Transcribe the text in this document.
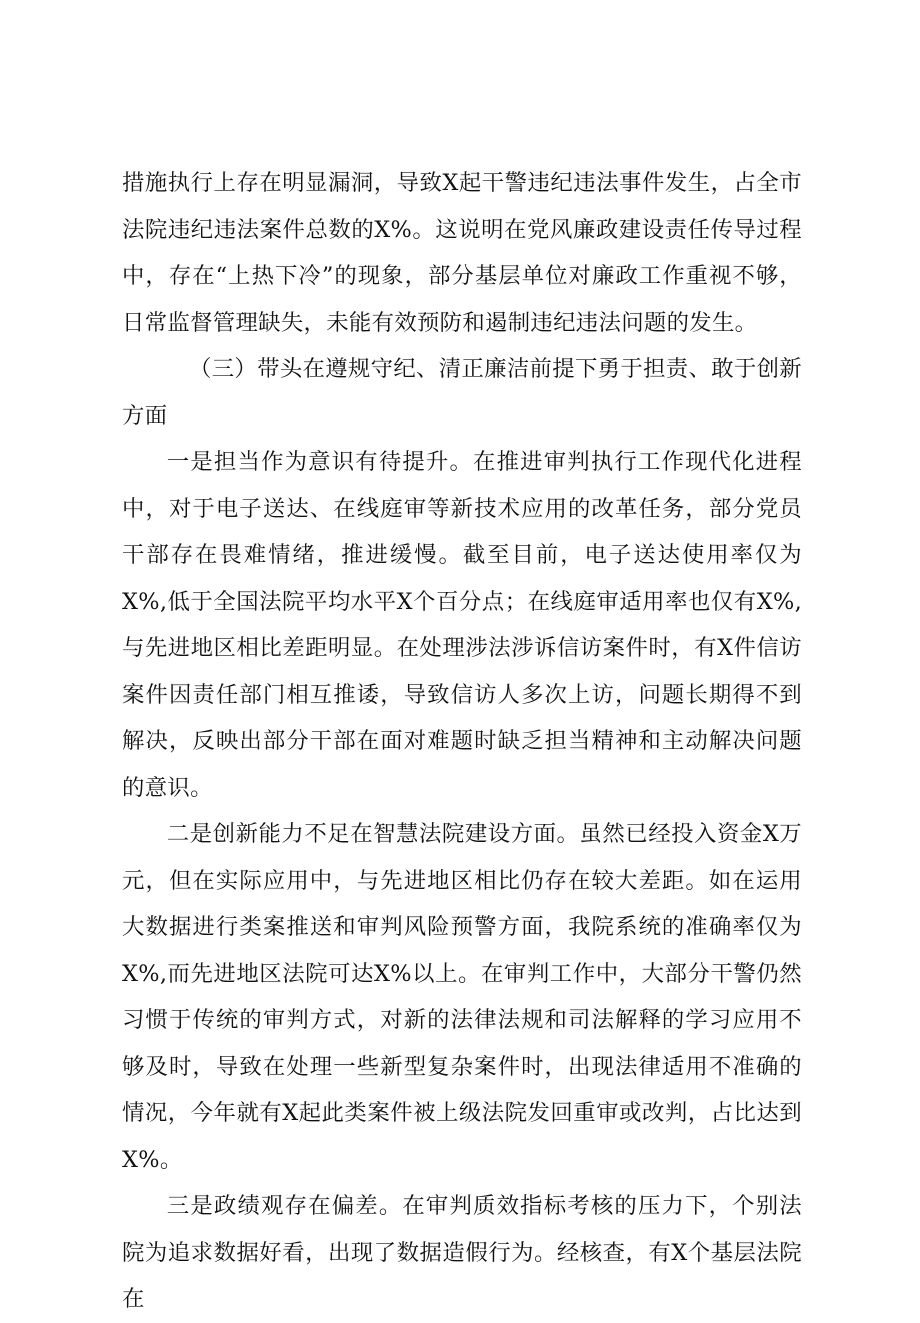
措施执行上存在明显漏洞，导致X起干警违纪违法事件发生，占全市法院违纪违法案件总数的X%。这说明在党风廉政建设责任传导过程中，存在“上热下冷”的现象，部分基层单位对廉政工作重视不够，日常监督管理缺失，未能有效预防和遏制违纪违法问题的发生。

（三）带头在遵规守纪、清正廉洁前提下勇于担责、敢于创新方面

一是担当作为意识有待提升。在推进审判执行工作现代化进程中，对于电子送达、在线庭审等新技术应用的改革任务，部分党员干部存在畏难情绪，推进缓慢。截至目前，电子送达使用率仅为X%,低于全国法院平均水平X个百分点；在线庭审适用率也仅有X%,与先进地区相比差距明显。在处理涉法涉诉信访案件时，有X件信访案件因责任部门相互推诿，导致信访人多次上访，问题长期得不到解决，反映出部分干部在面对难题时缺乏担当精神和主动解决问题的意识。

二是创新能力不足在智慧法院建设方面。虽然已经投入资金X万元，但在实际应用中，与先进地区相比仍存在较大差距。如在运用大数据进行类案推送和审判风险预警方面，我院系统的准确率仅为X%,而先进地区法院可达X%以上。在审判工作中，大部分干警仍然习惯于传统的审判方式，对新的法律法规和司法解释的学习应用不够及时，导致在处理一些新型复杂案件时，出现法律适用不准确的情况，今年就有X起此类案件被上级法院发回重审或改判，占比达到X%。

三是政绩观存在偏差。在审判质效指标考核的压力下，个别法院为追求数据好看，出现了数据造假行为。经核查，有X个基层法院在
